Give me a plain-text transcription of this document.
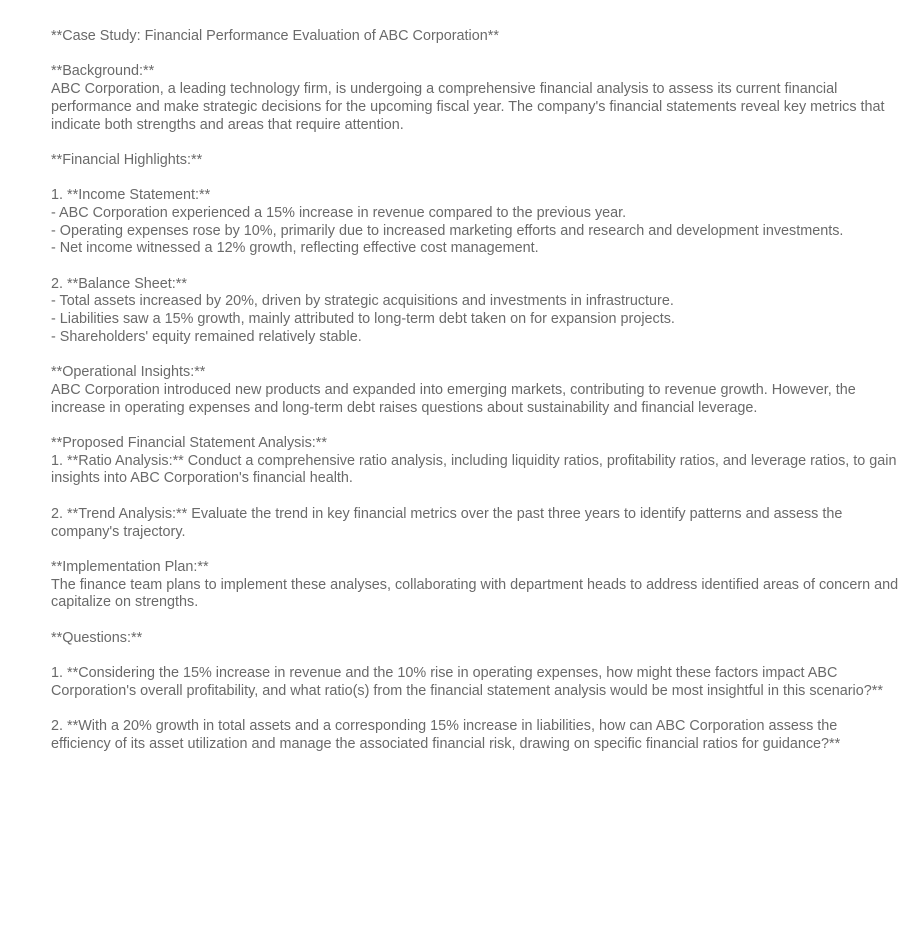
**Case Study: Financial Performance Evaluation of ABC Corporation**

**Background:**

ABC Corporation, a leading technology firm, is undergoing a comprehensive financial analysis to assess its current financial performance and make strategic decisions for the upcoming fiscal year. The company's financial statements reveal key metrics that indicate both strengths and areas that require attention.

**Financial Highlights:**

1. **Income Statement:**

- ABC Corporation experienced a 15% increase in revenue compared to the previous year.

- Operating expenses rose by 10%, primarily due to increased marketing efforts and research and development investments.

- Net income witnessed a 12% growth, reflecting effective cost management.

2. **Balance Sheet:**

- Total assets increased by 20%, driven by strategic acquisitions and investments in infrastructure.

- Liabilities saw a 15% growth, mainly attributed to long-term debt taken on for expansion projects.

- Shareholders' equity remained relatively stable.

**Operational Insights:**

ABC Corporation introduced new products and expanded into emerging markets, contributing to revenue growth. However, the increase in operating expenses and long-term debt raises questions about sustainability and financial leverage.

**Proposed Financial Statement Analysis:**

1. **Ratio Analysis:** Conduct a comprehensive ratio analysis, including liquidity ratios, profitability ratios, and leverage ratios, to gain insights into ABC Corporation's financial health.

2. **Trend Analysis:** Evaluate the trend in key financial metrics over the past three years to identify patterns and assess the company's trajectory.

**Implementation Plan:**

The finance team plans to implement these analyses, collaborating with department heads to address identified areas of concern and capitalize on strengths.

**Questions:**

1. **Considering the 15% increase in revenue and the 10% rise in operating expenses, how might these factors impact ABC Corporation's overall profitability, and what ratio(s) from the financial statement analysis would be most insightful in this scenario?**

2. **With a 20% growth in total assets and a corresponding 15% increase in liabilities, how can ABC Corporation assess the efficiency of its asset utilization and manage the associated financial risk, drawing on specific financial ratios for guidance?**
